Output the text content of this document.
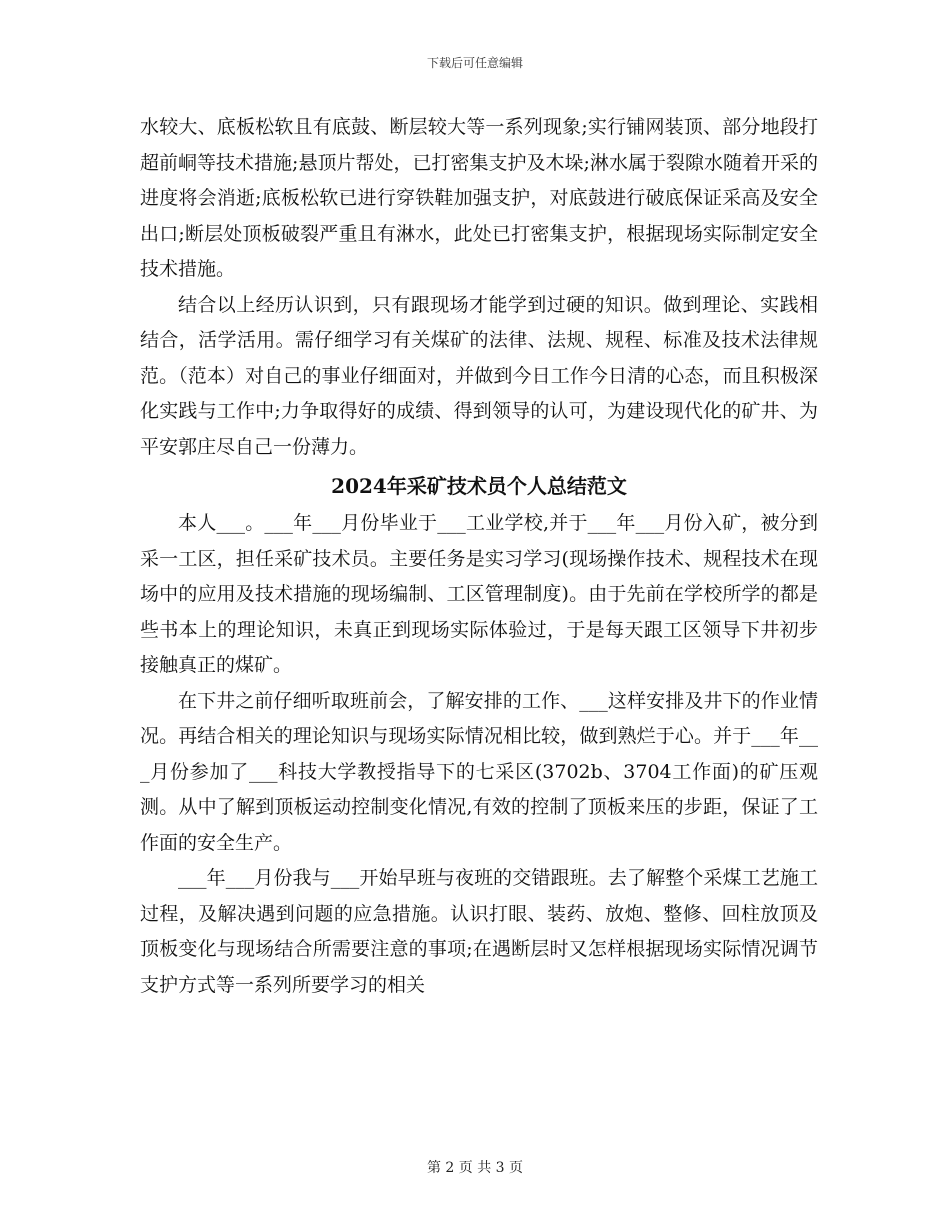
下载后可任意编辑

水较大、底板松软且有底鼓、断层较大等一系列现象;实行铺网装顶、部分地段打超前峒等技术措施;悬顶片帮处，已打密集支护及木垛;淋水属于裂隙水随着开采的进度将会消逝;底板松软已进行穿铁鞋加强支护，对底鼓进行破底保证采高及安全出口;断层处顶板破裂严重且有淋水，此处已打密集支护，根据现场实际制定安全技术措施。

结合以上经历认识到，只有跟现场才能学到过硬的知识。做到理论、实践相结合，活学活用。需仔细学习有关煤矿的法律、法规、规程、标准及技术法律规范。（范本）对自己的事业仔细面对，并做到今日工作今日清的心态，而且积极深化实践与工作中;力争取得好的成绩、得到领导的认可，为建设现代化的矿井、为平安郭庄尽自己一份薄力。

2024年采矿技术员个人总结范文

本人___。___年___月份毕业于___工业学校,并于___年___月份入矿，被分到采一工区，担任采矿技术员。主要任务是实习学习(现场操作技术、规程技术在现场中的应用及技术措施的现场编制、工区管理制度)。由于先前在学校所学的都是些书本上的理论知识，未真正到现场实际体验过，于是每天跟工区领导下井初步接触真正的煤矿。

在下井之前仔细听取班前会，了解安排的工作、___这样安排及井下的作业情况。再结合相关的理论知识与现场实际情况相比较，做到熟烂于心。并于___年___月份参加了___科技大学教授指导下的七采区(3702b、3704工作面)的矿压观测。从中了解到顶板运动控制变化情况,有效的控制了顶板来压的步距，保证了工作面的安全生产。

___年___月份我与___开始早班与夜班的交错跟班。去了解整个采煤工艺施工过程，及解决遇到问题的应急措施。认识打眼、装药、放炮、整修、回柱放顶及顶板变化与现场结合所需要注意的事项;在遇断层时又怎样根据现场实际情况调节支护方式等一系列所要学习的相关

第 2 页 共 3 页
